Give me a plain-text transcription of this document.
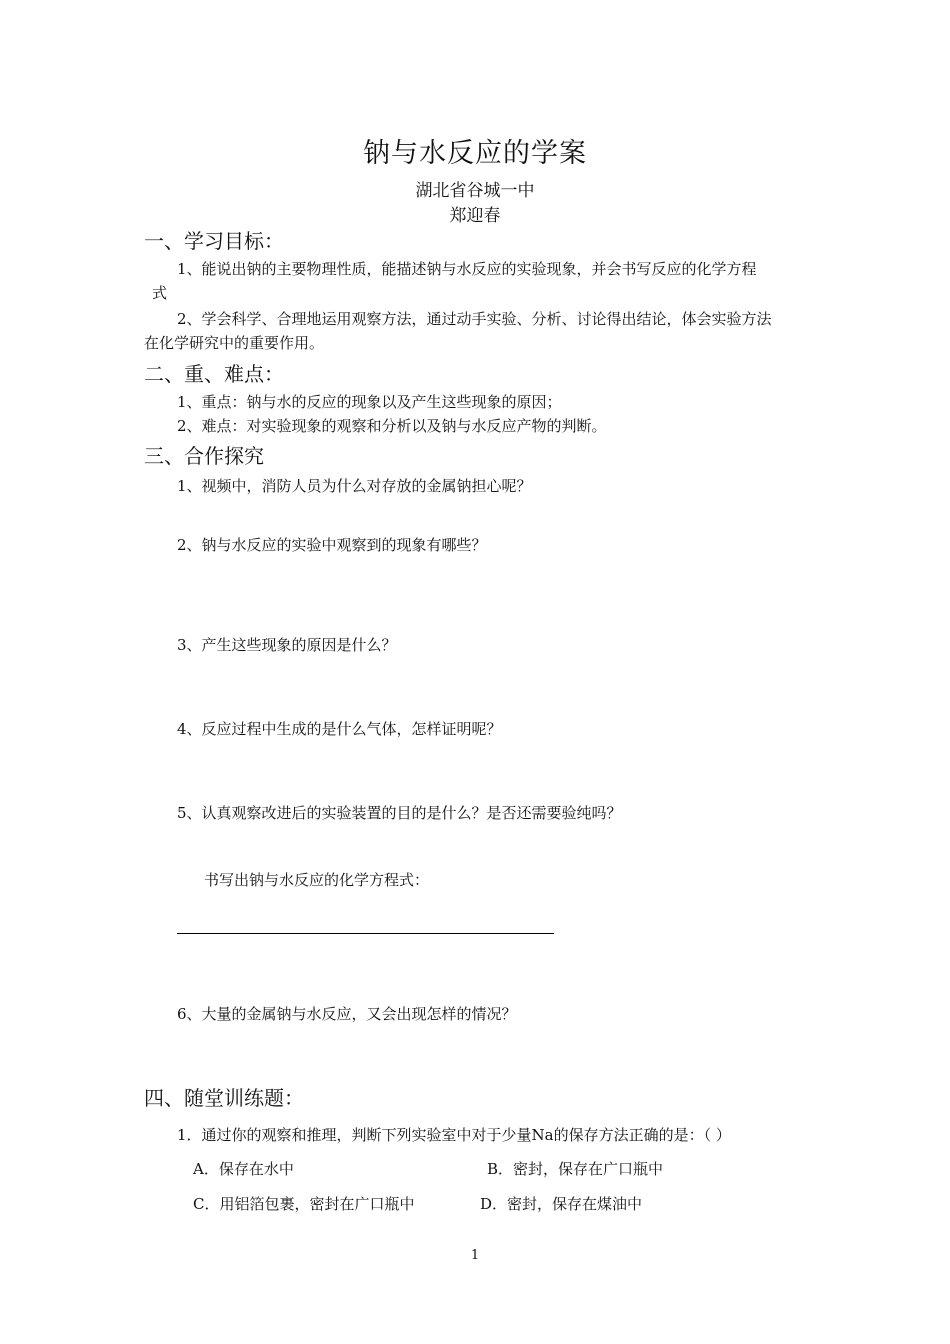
钠与水反应的学案
湖北省谷城一中
郑迎春
一、学习目标：
1、能说出钠的主要物理性质，能描述钠与水反应的实验现象，并会书写反应的化学方程
式
2、学会科学、合理地运用观察方法，通过动手实验、分析、讨论得出结论，体会实验方法
在化学研究中的重要作用。
二、重、难点：
1、重点：钠与水的反应的现象以及产生这些现象的原因；
2、难点：对实验现象的观察和分析以及钠与水反应产物的判断。
三、合作探究
1、视频中，消防人员为什么对存放的金属钠担心呢？
2、钠与水反应的实验中观察到的现象有哪些？
3、产生这些现象的原因是什么？
4、反应过程中生成的是什么气体，怎样证明呢？
5、认真观察改进后的实验装置的目的是什么？是否还需要验纯吗？
书写出钠与水反应的化学方程式：
6、大量的金属钠与水反应，又会出现怎样的情况？
四、随堂训练题：
1．通过你的观察和推理，判断下列实验室中对于少量Na的保存方法正确的是：（ ）
A．保存在水中	B．密封，保存在广口瓶中
C．用铝箔包裹，密封在广口瓶中	D．密封，保存在煤油中
1
